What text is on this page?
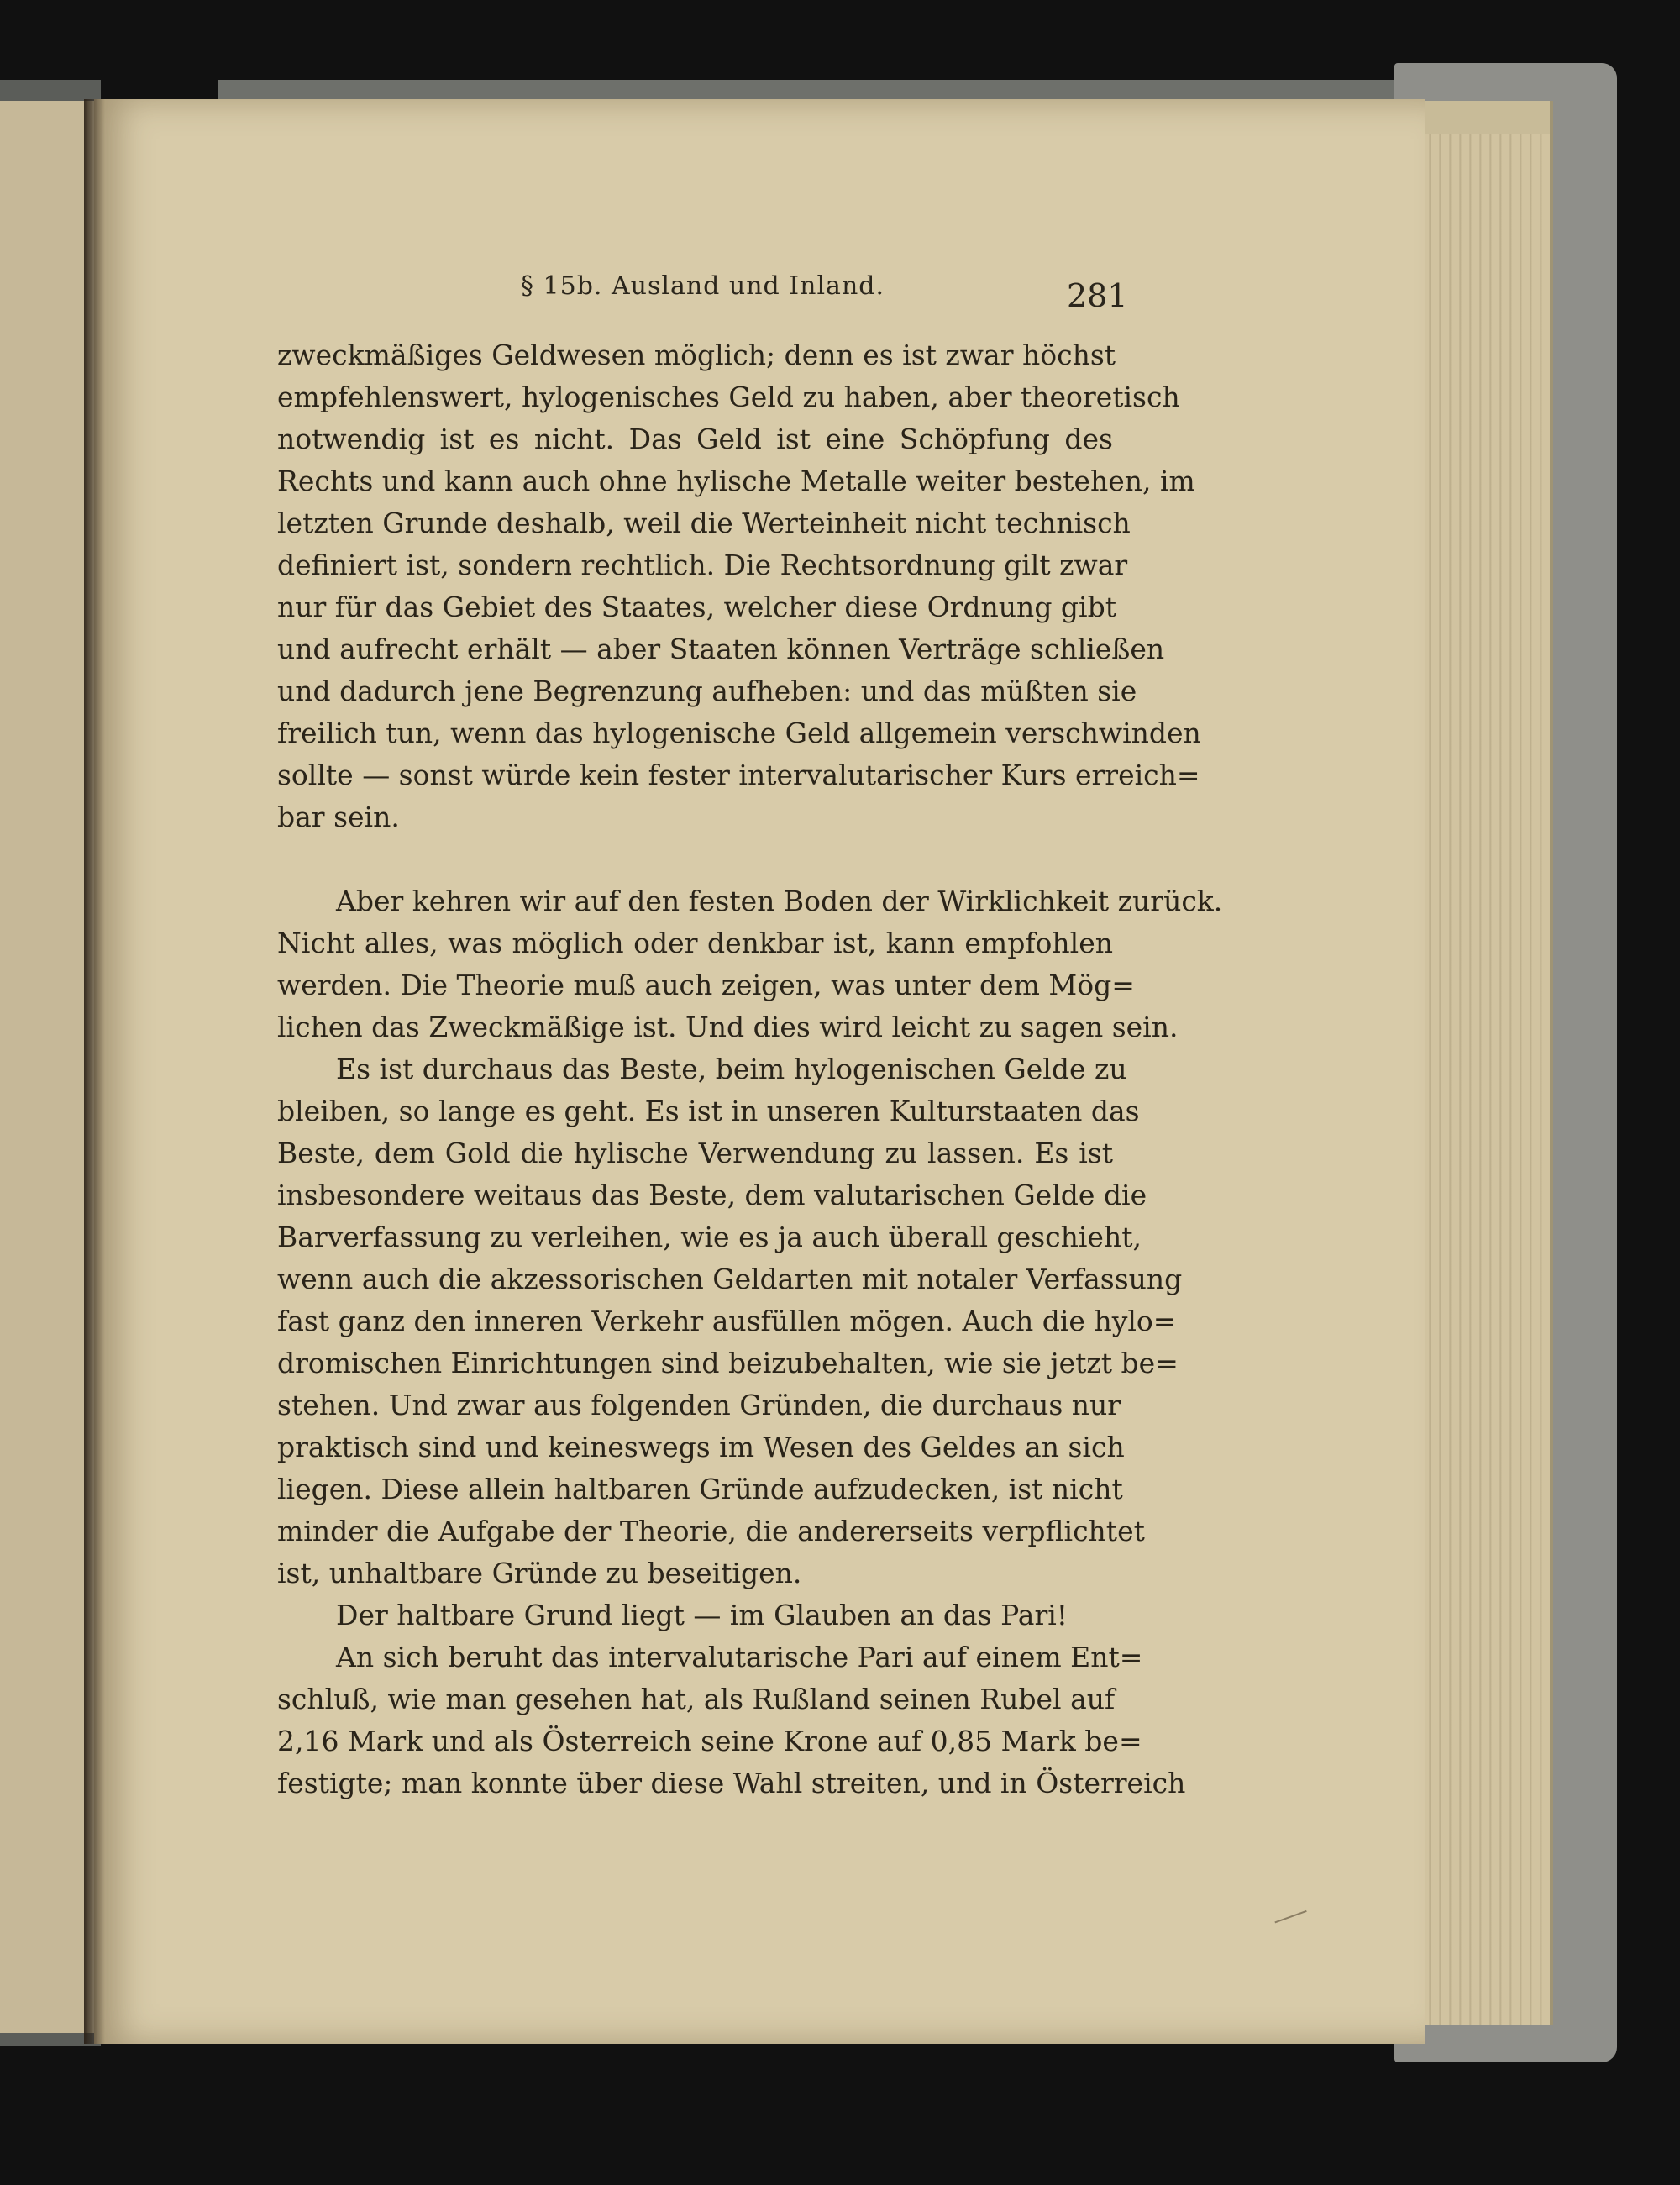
§ 15b. Ausland und Inland.	281
zweckmäßiges Geldwesen möglich; denn es ist zwar höchst
empfehlenswert, hylogenisches Geld zu haben, aber theoretisch
notwendig ist es nicht. Das Geld ist eine Schöpfung des
Rechts und kann auch ohne hylische Metalle weiter bestehen, im
letzten Grunde deshalb, weil die Werteinheit nicht technisch
definiert ist, sondern rechtlich. Die Rechtsordnung gilt zwar
nur für das Gebiet des Staates, welcher diese Ordnung gibt
und aufrecht erhält — aber Staaten können Verträge schließen
und dadurch jene Begrenzung aufheben: und das müßten sie
freilich tun, wenn das hylogenische Geld allgemein verschwinden
sollte — sonst würde kein fester intervalutarischer Kurs erreich=
bar sein.
Aber kehren wir auf den festen Boden der Wirklichkeit zurück.
Nicht alles, was möglich oder denkbar ist, kann empfohlen
werden. Die Theorie muß auch zeigen, was unter dem Mög=
lichen das Zweckmäßige ist. Und dies wird leicht zu sagen sein.
Es ist durchaus das Beste, beim hylogenischen Gelde zu
bleiben, so lange es geht. Es ist in unseren Kulturstaaten das
Beste, dem Gold die hylische Verwendung zu lassen. Es ist
insbesondere weitaus das Beste, dem valutarischen Gelde die
Barverfassung zu verleihen, wie es ja auch überall geschieht,
wenn auch die akzessorischen Geldarten mit notaler Verfassung
fast ganz den inneren Verkehr ausfüllen mögen. Auch die hylo=
dromischen Einrichtungen sind beizubehalten, wie sie jetzt be=
stehen. Und zwar aus folgenden Gründen, die durchaus nur
praktisch sind und keineswegs im Wesen des Geldes an sich
liegen. Diese allein haltbaren Gründe aufzudecken, ist nicht
minder die Aufgabe der Theorie, die andererseits verpflichtet
ist, unhaltbare Gründe zu beseitigen.
Der haltbare Grund liegt — im Glauben an das Pari!
An sich beruht das intervalutarische Pari auf einem Ent=
schluß, wie man gesehen hat, als Rußland seinen Rubel auf
2,16 Mark und als Österreich seine Krone auf 0,85 Mark be=
festigte; man konnte über diese Wahl streiten, und in Österreich
